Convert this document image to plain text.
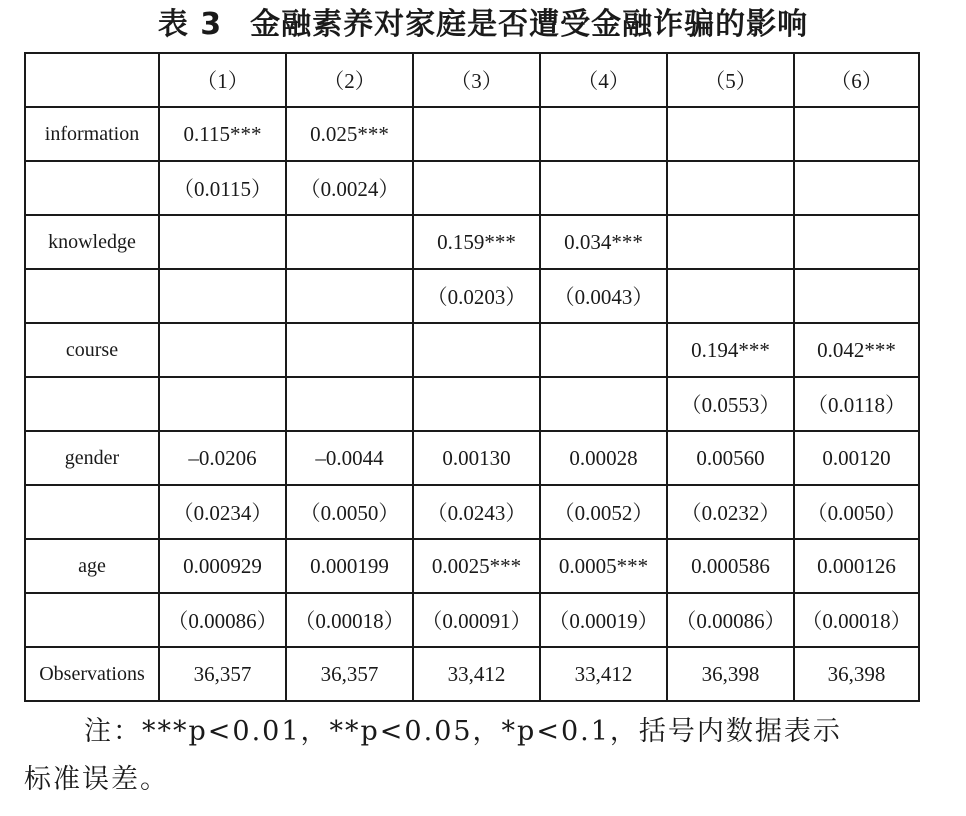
表 3 金融素养对家庭是否遭受金融诈骗的影响
	（1）	（2）	（3）	（4）	（5）	（6）
information	0.115***	0.025***				
	（0.0115）	（0.0024）				
knowledge			0.159***	0.034***		
			（0.0203）	（0.0043）		
course					0.194***	0.042***
					（0.0553）	（0.0118）
gender	–0.0206	–0.0044	0.00130	0.00028	0.00560	0.00120
	（0.0234）	（0.0050）	（0.0243）	（0.0052）	（0.0232）	（0.0050）
age	0.000929	0.000199	0.0025***	0.0005***	0.000586	0.000126
	（0.00086）	（0.00018）	（0.00091）	（0.00019）	（0.00086）	（0.00018）
Observations	36,357	36,357	33,412	33,412	36,398	36,398
注：***p<0.01，**p<0.05，*p<0.1，括号内数据表示
标准误差。
